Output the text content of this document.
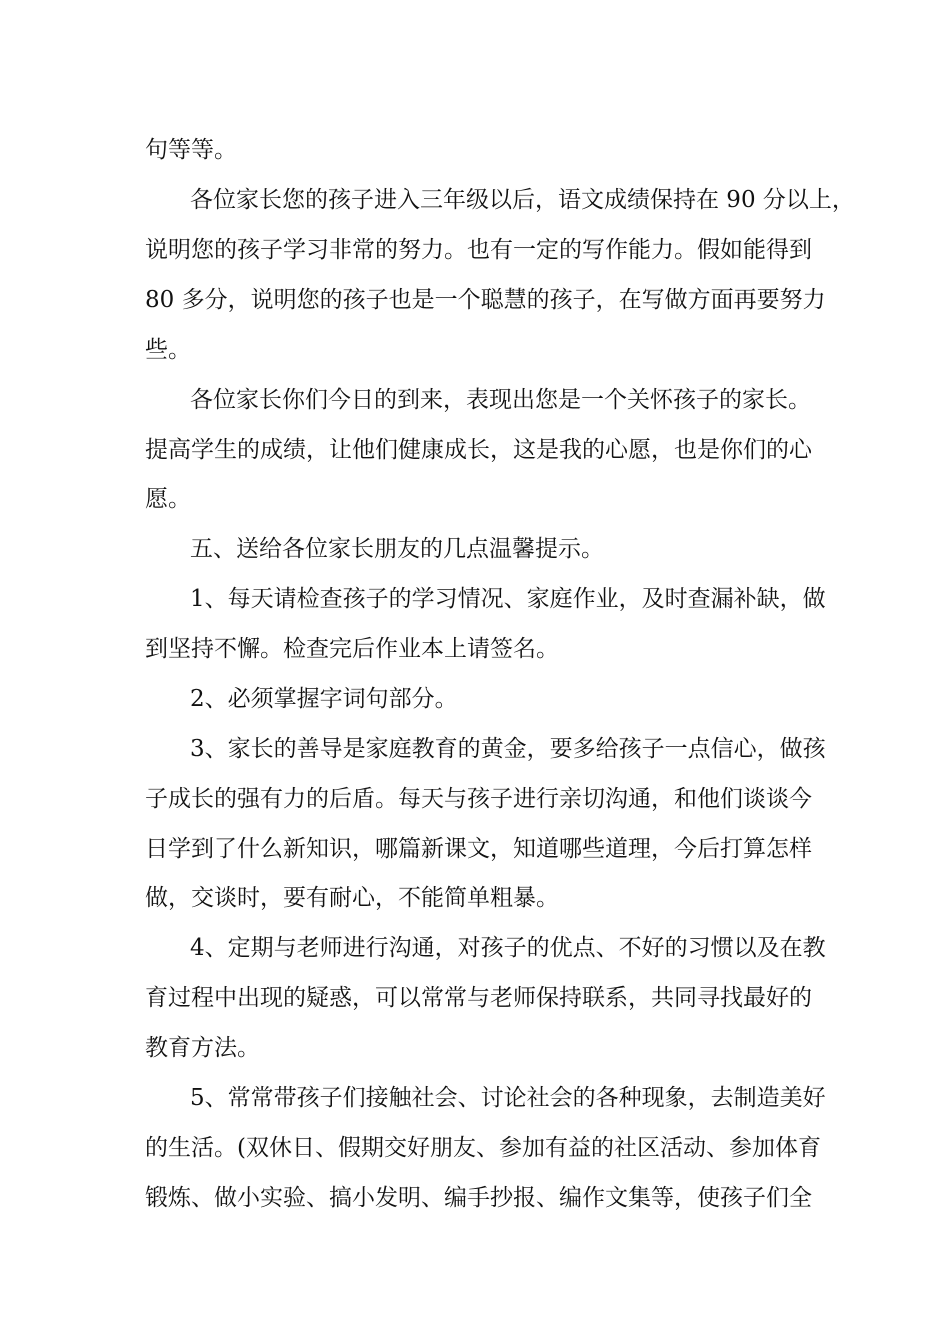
句等等。
各位家长您的孩子进入三年级以后，语文成绩保持在 90 分以上，
说明您的孩子学习非常的努力。也有一定的写作能力。假如能得到
80 多分，说明您的孩子也是一个聪慧的孩子，在写做方面再要努力
些。
各位家长你们今日的到来，表现出您是一个关怀孩子的家长。
提高学生的成绩，让他们健康成长，这是我的心愿，也是你们的心
愿。
五、送给各位家长朋友的几点温馨提示。
1、每天请检查孩子的学习情况、家庭作业，及时查漏补缺，做
到坚持不懈。检查完后作业本上请签名。
2、必须掌握字词句部分。
3、家长的善导是家庭教育的黄金，要多给孩子一点信心，做孩
子成长的强有力的后盾。每天与孩子进行亲切沟通，和他们谈谈今
日学到了什么新知识，哪篇新课文，知道哪些道理，今后打算怎样
做，交谈时，要有耐心，不能简单粗暴。
4、定期与老师进行沟通，对孩子的优点、不好的习惯以及在教
育过程中出现的疑惑，可以常常与老师保持联系，共同寻找最好的
教育方法。
5、常常带孩子们接触社会、讨论社会的各种现象，去制造美好
的生活。(双休日、假期交好朋友、参加有益的社区活动、参加体育
锻炼、做小实验、搞小发明、编手抄报、编作文集等，使孩子们全
